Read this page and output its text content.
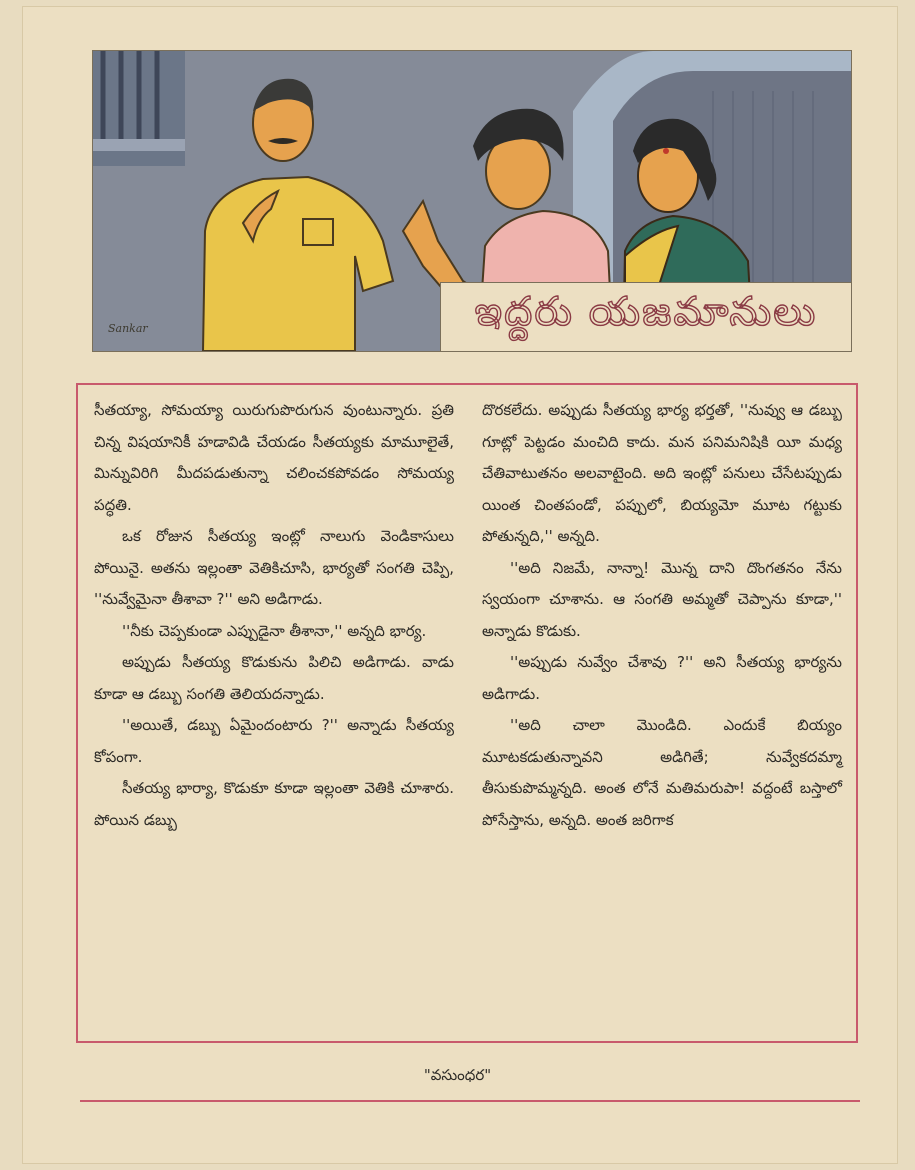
Sankar	ఇద్దరు యజమానులు

సీతయ్యా, సోమయ్యా యిరుగుపొరుగున వుంటున్నారు. ప్రతి చిన్న విషయానికీ హడావిడి చేయడం సీతయ్యకు మామూలైతే, మిన్నువిరిగి మీదపడుతున్నా చలించకపోవడం సోమయ్య పద్ధతి.

ఒక రోజున సీతయ్య ఇంట్లో నాలుగు వెండికాసులు పోయినై. అతను ఇల్లంతా వెతికిచూసి, భార్యతో సంగతి చెప్పి, ''నువ్వేమైనా తీశావా ?'' అని అడిగాడు.

''నీకు చెప్పకుండా ఎప్పుడైనా తీశానా,'' అన్నది భార్య.

అప్పుడు సీతయ్య కొడుకును పిలిచి అడిగాడు. వాడు కూడా ఆ డబ్బు సంగతి తెలియదన్నాడు.

''అయితే, డబ్బు ఏమైందంటారు ?'' అన్నాడు సీతయ్య కోపంగా.

సీతయ్య భార్యా, కొడుకూ కూడా ఇల్లంతా వెతికి చూశారు. పోయిన డబ్బు

దొరకలేదు. అప్పుడు సీతయ్య భార్య భర్తతో, ''నువ్వు ఆ డబ్బు గూట్లో పెట్టడం మంచిది కాదు. మన పనిమనిషికి యీ మధ్య చేతివాటుతనం అలవాటైంది. అది ఇంట్లో పనులు చేసేటప్పుడు యింత చింతపండో, పప్పులో, బియ్యమో మూట గట్టుకు పోతున్నది,'' అన్నది.

''అది నిజమే, నాన్నా! మొన్న దాని దొంగతనం నేను స్వయంగా చూశాను. ఆ సంగతి అమ్మతో చెప్పాను కూడా,'' అన్నాడు కొడుకు.

''అప్పుడు నువ్వేం చేశావు ?'' అని సీతయ్య భార్యను అడిగాడు.

''అది చాలా మొండిది. ఎందుకే బియ్యం మూటకడుతున్నావని అడిగితే; నువ్వేకదమ్మా తీసుకుపొమ్మన్నది. అంత లోనే మతిమరుపా! వద్దంటే బస్తాలో పోసేస్తాను, అన్నది. అంత జరిగాక

"వసుంధర"
